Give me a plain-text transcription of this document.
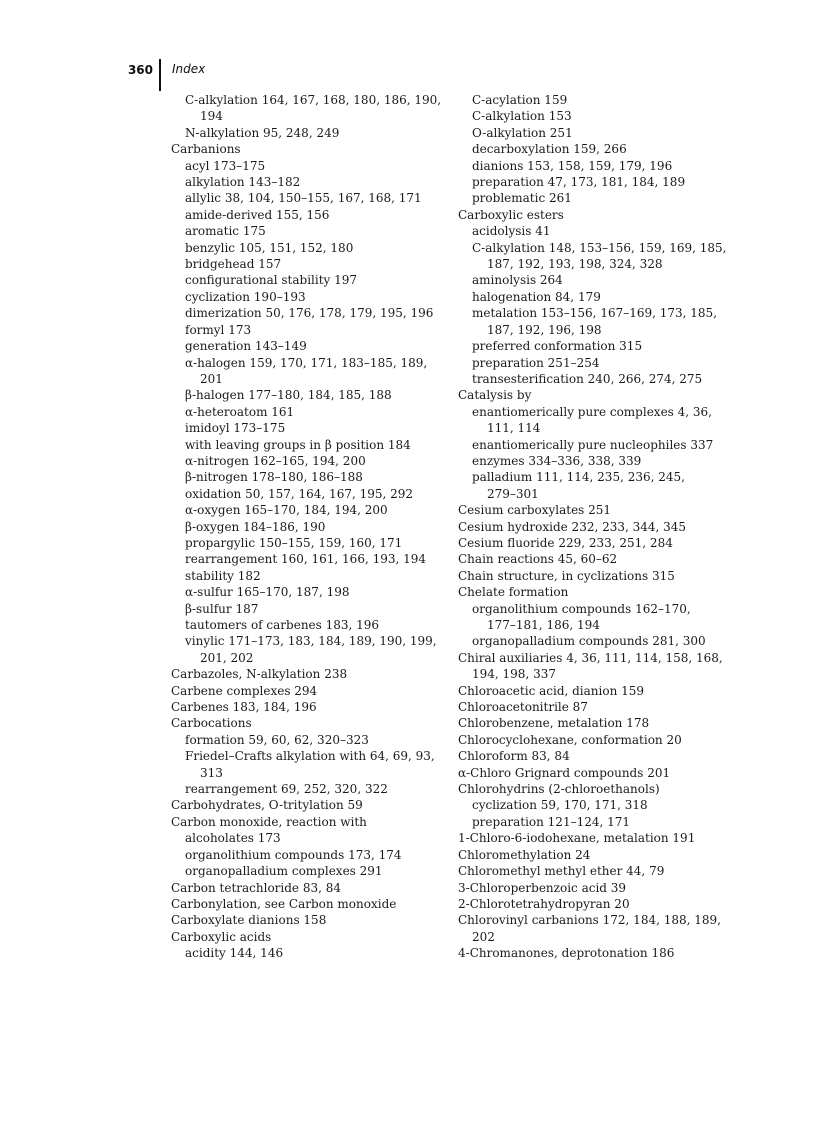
360 Index
C-alkylation 164, 167, 168, 180, 186, 190,
194
N-alkylation 95, 248, 249
Carbanions
acyl 173–175
alkylation 143–182
allylic 38, 104, 150–155, 167, 168, 171
amide-derived 155, 156
aromatic 175
benzylic 105, 151, 152, 180
bridgehead 157
configurational stability 197
cyclization 190–193
dimerization 50, 176, 178, 179, 195, 196
formyl 173
generation 143–149
α-halogen 159, 170, 171, 183–185, 189,
201
β-halogen 177–180, 184, 185, 188
α-heteroatom 161
imidoyl 173–175
with leaving groups in β position 184
α-nitrogen 162–165, 194, 200
β-nitrogen 178–180, 186–188
oxidation 50, 157, 164, 167, 195, 292
α-oxygen 165–170, 184, 194, 200
β-oxygen 184–186, 190
propargylic 150–155, 159, 160, 171
rearrangement 160, 161, 166, 193, 194
stability 182
α-sulfur 165–170, 187, 198
β-sulfur 187
tautomers of carbenes 183, 196
vinylic 171–173, 183, 184, 189, 190, 199,
201, 202
Carbazoles, N-alkylation 238
Carbene complexes 294
Carbenes 183, 184, 196
Carbocations
formation 59, 60, 62, 320–323
Friedel–Crafts alkylation with 64, 69, 93,
313
rearrangement 69, 252, 320, 322
Carbohydrates, O-tritylation 59
Carbon monoxide, reaction with
alcoholates 173
organolithium compounds 173, 174
organopalladium complexes 291
Carbon tetrachloride 83, 84
Carbonylation, see Carbon monoxide
Carboxylate dianions 158
Carboxylic acids
acidity 144, 146
C-acylation 159
C-alkylation 153
O-alkylation 251
decarboxylation 159, 266
dianions 153, 158, 159, 179, 196
preparation 47, 173, 181, 184, 189
problematic 261
Carboxylic esters
acidolysis 41
C-alkylation 148, 153–156, 159, 169, 185,
187, 192, 193, 198, 324, 328
aminolysis 264
halogenation 84, 179
metalation 153–156, 167–169, 173, 185,
187, 192, 196, 198
preferred conformation 315
preparation 251–254
transesterification 240, 266, 274, 275
Catalysis by
enantiomerically pure complexes 4, 36,
111, 114
enantiomerically pure nucleophiles 337
enzymes 334–336, 338, 339
palladium 111, 114, 235, 236, 245,
279–301
Cesium carboxylates 251
Cesium hydroxide 232, 233, 344, 345
Cesium fluoride 229, 233, 251, 284
Chain reactions 45, 60–62
Chain structure, in cyclizations 315
Chelate formation
organolithium compounds 162–170,
177–181, 186, 194
organopalladium compounds 281, 300
Chiral auxiliaries 4, 36, 111, 114, 158, 168,
194, 198, 337
Chloroacetic acid, dianion 159
Chloroacetonitrile 87
Chlorobenzene, metalation 178
Chlorocyclohexane, conformation 20
Chloroform 83, 84
α-Chloro Grignard compounds 201
Chlorohydrins (2-chloroethanols)
cyclization 59, 170, 171, 318
preparation 121–124, 171
1-Chloro-6-iodohexane, metalation 191
Chloromethylation 24
Chloromethyl methyl ether 44, 79
3-Chloroperbenzoic acid 39
2-Chlorotetrahydropyran 20
Chlorovinyl carbanions 172, 184, 188, 189,
202
4-Chromanones, deprotonation 186
